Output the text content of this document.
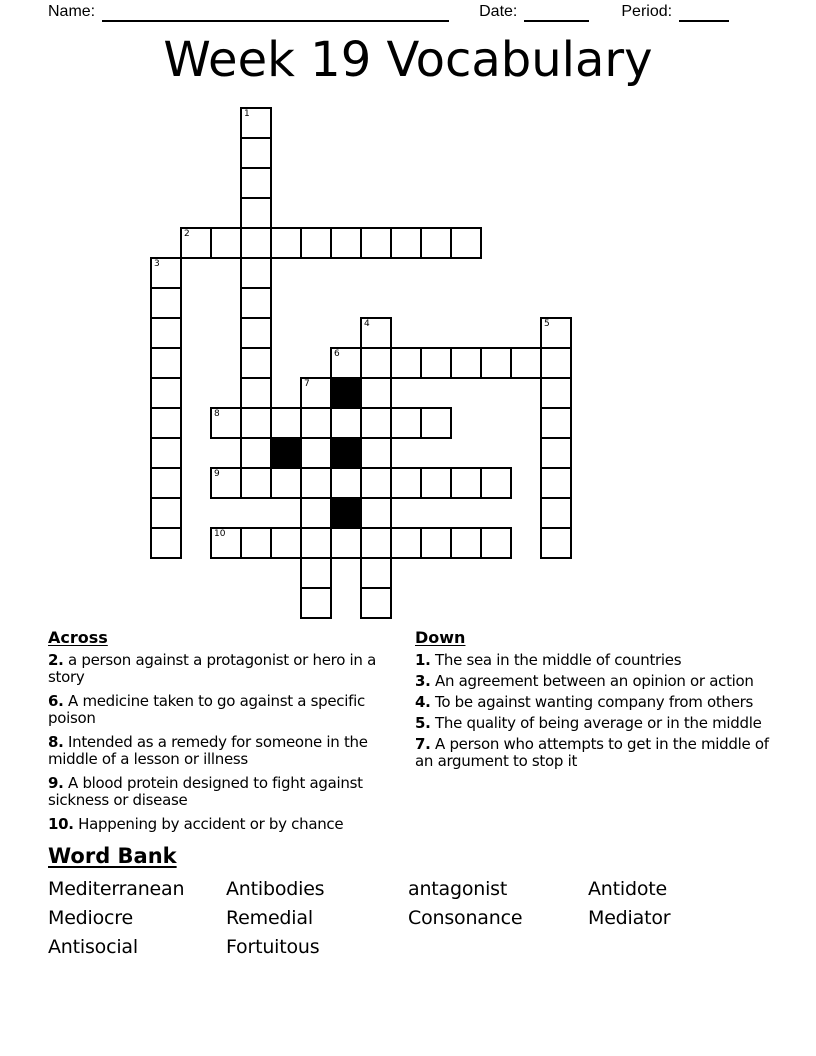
Name:	Date:	Period:
Week 19 Vocabulary
1
2
3
4	5
6
7
8
9
10
Across
2. a person against a protagonist or hero in a story
6. A medicine taken to go against a specific poison
8. Intended as a remedy for someone in the middle of a lesson or illness
9. A blood protein designed to fight against sickness or disease
10. Happening by accident or by chance
Down
1. The sea in the middle of countries
3. An agreement between an opinion or action
4. To be against wanting company from others
5. The quality of being average or in the middle
7. A person who attempts to get in the middle of an argument to stop it
Word Bank
Mediterranean	Antibodies	antagonist	Antidote
Mediocre	Remedial	Consonance	Mediator
Antisocial	Fortuitous
